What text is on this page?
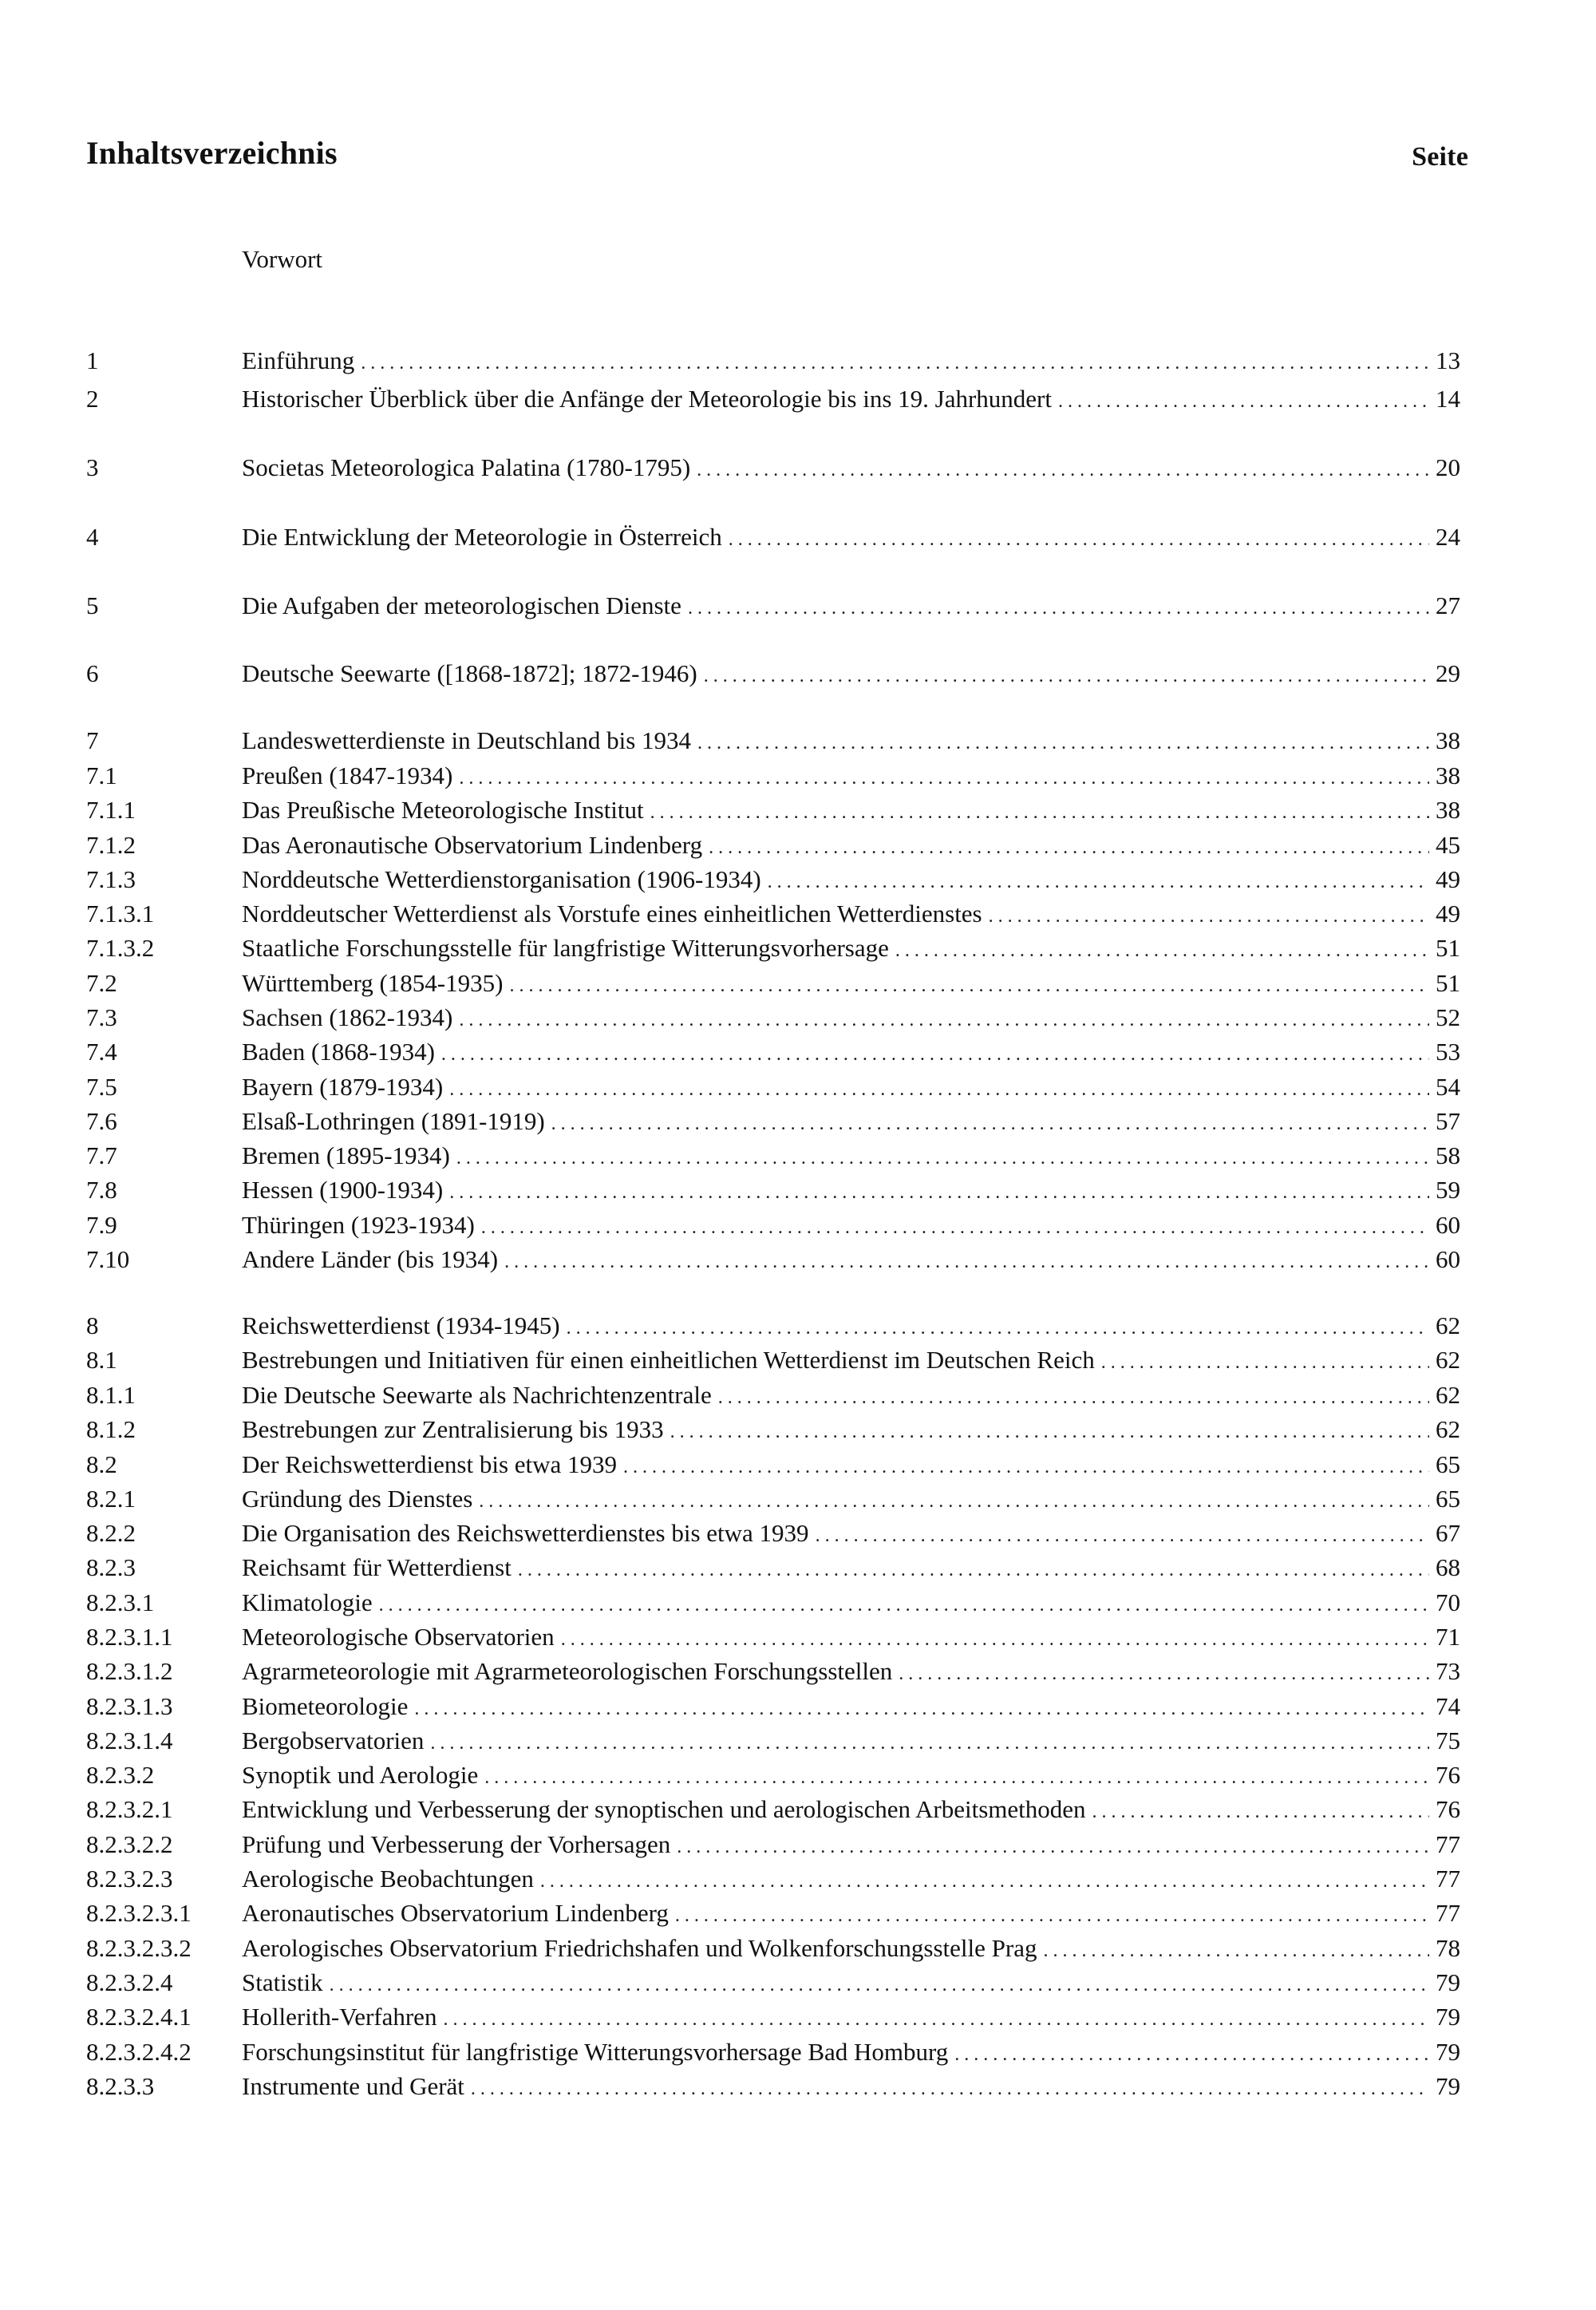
Inhaltsverzeichnis	Seite
Vorwort
1	Einführung . . .	13
2	Historischer Überblick über die Anfänge der Meteorologie bis ins 19. Jahrhundert . . .	14
3	Societas Meteorologica Palatina (1780-1795) . . .	20
4	Die Entwicklung der Meteorologie in Österreich . . .	24
5	Die Aufgaben der meteorologischen Dienste . . .	27
6	Deutsche Seewarte ([1868-1872]; 1872-1946) . . .	29
7	Landeswetterdienste in Deutschland bis 1934 . . .	38
7.1	Preußen (1847-1934) . . .	38
7.1.1	Das Preußische Meteorologische Institut . . .	38
7.1.2	Das Aeronautische Observatorium Lindenberg . . .	45
7.1.3	Norddeutsche Wetterdienstorganisation (1906-1934) . . .	49
7.1.3.1	Norddeutscher Wetterdienst als Vorstufe eines einheitlichen Wetterdienstes . . .	49
7.1.3.2	Staatliche Forschungsstelle für langfristige Witterungsvorhersage . . .	51
7.2	Württemberg (1854-1935) . . .	51
7.3	Sachsen (1862-1934) . . .	52
7.4	Baden (1868-1934) . . .	53
7.5	Bayern (1879-1934) . . .	54
7.6	Elsaß-Lothringen (1891-1919) . . .	57
7.7	Bremen (1895-1934) . . .	58
7.8	Hessen (1900-1934) . . .	59
7.9	Thüringen (1923-1934) . . .	60
7.10	Andere Länder (bis 1934) . . .	60
8	Reichswetterdienst (1934-1945) . . .	62
8.1	Bestrebungen und Initiativen für einen einheitlichen Wetterdienst im Deutschen Reich . . .	62
8.1.1	Die Deutsche Seewarte als Nachrichtenzentrale . . .	62
8.1.2	Bestrebungen zur Zentralisierung bis 1933 . . .	62
8.2	Der Reichswetterdienst bis etwa 1939 . . .	65
8.2.1	Gründung des Dienstes . . .	65
8.2.2	Die Organisation des Reichswetterdienstes bis etwa 1939 . . .	67
8.2.3	Reichsamt für Wetterdienst . . .	68
8.2.3.1	Klimatologie . . .	70
8.2.3.1.1	Meteorologische Observatorien . . .	71
8.2.3.1.2	Agrarmeteorologie mit Agrarmeteorologischen Forschungsstellen . . .	73
8.2.3.1.3	Biometeorologie . . .	74
8.2.3.1.4	Bergobservatorien . . .	75
8.2.3.2	Synoptik und Aerologie . . .	76
8.2.3.2.1	Entwicklung und Verbesserung der synoptischen und aerologischen Arbeitsmethoden . . .	76
8.2.3.2.2	Prüfung und Verbesserung der Vorhersagen . . .	77
8.2.3.2.3	Aerologische Beobachtungen . . .	77
8.2.3.2.3.1 Aeronautisches Observatorium Lindenberg . . .	77
8.2.3.2.3.2 Aerologisches Observatorium Friedrichshafen und Wolkenforschungsstelle Prag . . .	78
8.2.3.2.4	Statistik . . .	79
8.2.3.2.4.1 Hollerith-Verfahren . . .	79
8.2.3.2.4.2 Forschungsinstitut für langfristige Witterungsvorhersage Bad Homburg . . .	79
8.2.3.3	Instrumente und Gerät . . .	79
